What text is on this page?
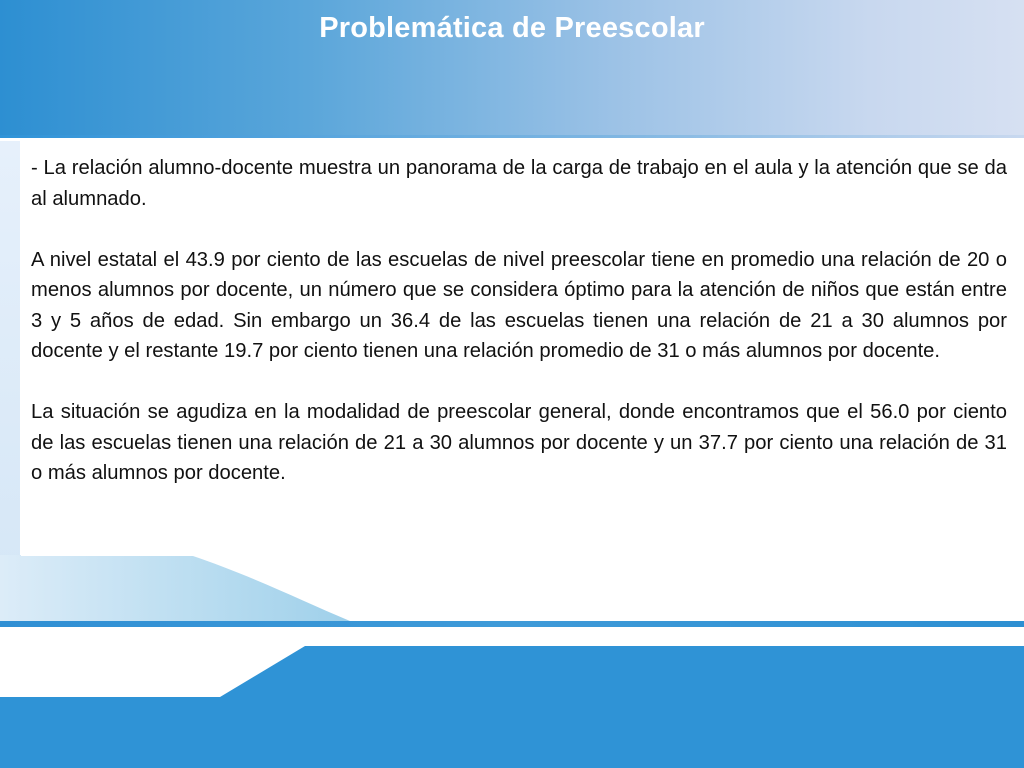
Problemática de Preescolar

- La relación alumno-docente muestra un panorama de la carga de trabajo en el aula y la atención que se da al alumnado.

A nivel estatal el 43.9 por ciento de las escuelas de nivel preescolar tiene en promedio una relación de 20 o menos alumnos por docente, un número que se considera óptimo para la atención de niños que están entre 3 y 5 años de edad. Sin embargo un 36.4 de las escuelas tienen una relación de 21 a 30 alumnos por docente y el restante 19.7 por ciento tienen una relación promedio de 31 o más alumnos por docente.

La situación se agudiza en la modalidad de preescolar general, donde encontramos que el 56.0 por ciento de las escuelas tienen una relación de 21 a 30 alumnos por docente y un 37.7 por ciento una relación de 31 o más alumnos por docente.
